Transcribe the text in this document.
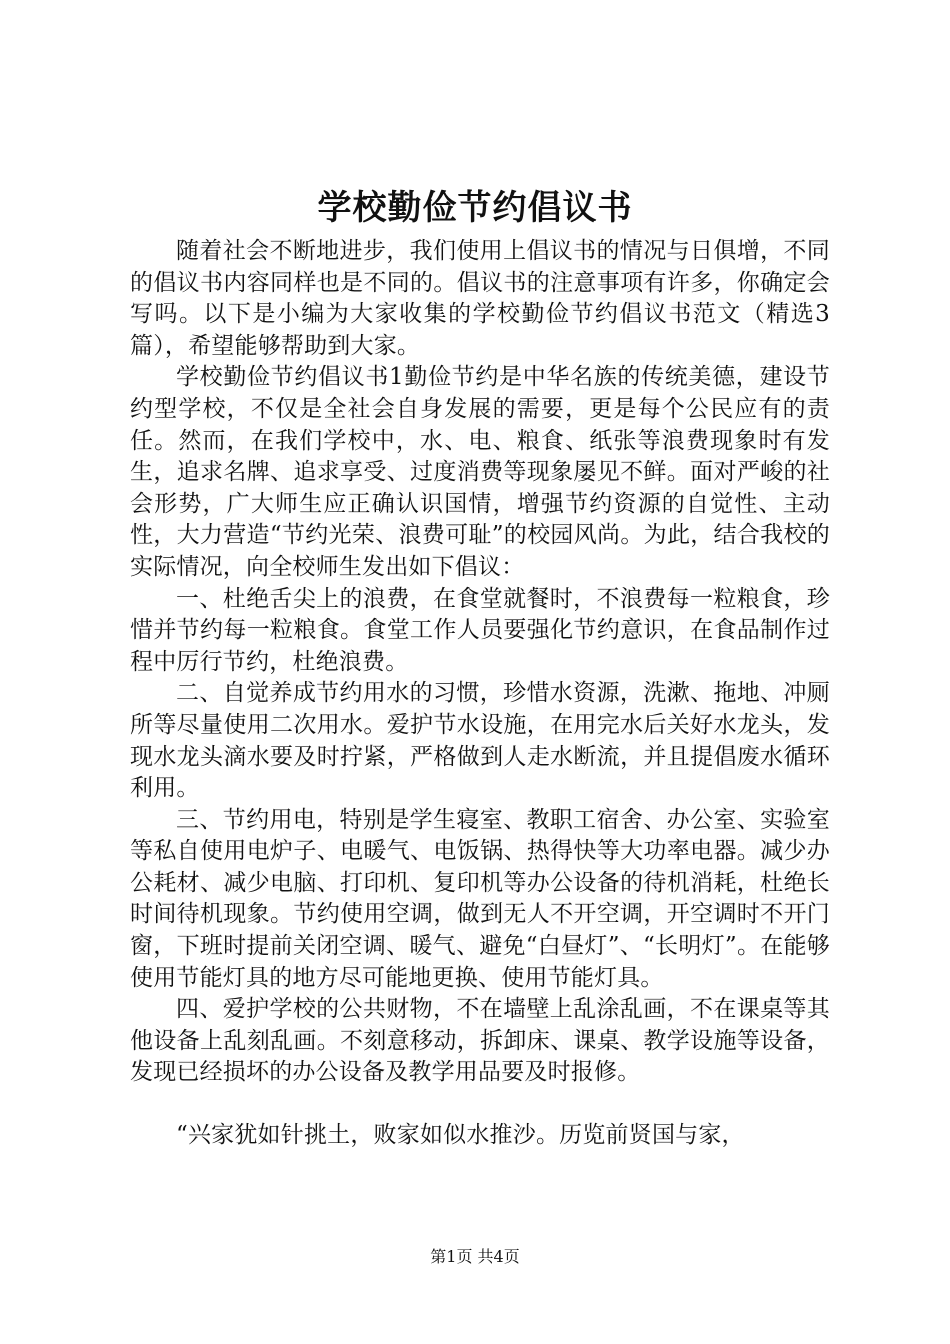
学校勤俭节约倡议书

随着社会不断地进步，我们使用上倡议书的情况与日俱增，不同的倡议书内容同样也是不同的。倡议书的注意事项有许多，你确定会写吗。以下是小编为大家收集的学校勤俭节约倡议书范文（精选3篇），希望能够帮助到大家。

学校勤俭节约倡议书1勤俭节约是中华名族的传统美德，建设节约型学校，不仅是全社会自身发展的需要，更是每个公民应有的责任。然而，在我们学校中，水、电、粮食、纸张等浪费现象时有发生，追求名牌、追求享受、过度消费等现象屡见不鲜。面对严峻的社会形势，广大师生应正确认识国情，增强节约资源的自觉性、主动性，大力营造“节约光荣、浪费可耻”的校园风尚。为此，结合我校的实际情况，向全校师生发出如下倡议：

一、杜绝舌尖上的浪费，在食堂就餐时，不浪费每一粒粮食，珍惜并节约每一粒粮食。食堂工作人员要强化节约意识，在食品制作过程中厉行节约，杜绝浪费。

二、自觉养成节约用水的习惯，珍惜水资源，洗漱、拖地、冲厕所等尽量使用二次用水。爱护节水设施，在用完水后关好水龙头，发现水龙头滴水要及时拧紧，严格做到人走水断流，并且提倡废水循环利用。

三、节约用电，特别是学生寝室、教职工宿舍、办公室、实验室等私自使用电炉子、电暖气、电饭锅、热得快等大功率电器。减少办公耗材、减少电脑、打印机、复印机等办公设备的待机消耗，杜绝长时间待机现象。节约使用空调，做到无人不开空调，开空调时不开门窗，下班时提前关闭空调、暖气、避免“白昼灯”、“长明灯”。在能够使用节能灯具的地方尽可能地更换、使用节能灯具。

四、爱护学校的公共财物，不在墙壁上乱涂乱画，不在课桌等其他设备上乱刻乱画。不刻意移动，拆卸床、课桌、教学设施等设备，发现已经损坏的办公设备及教学用品要及时报修。

“兴家犹如针挑土，败家如似水推沙。历览前贤国与家，

第1页 共4页
